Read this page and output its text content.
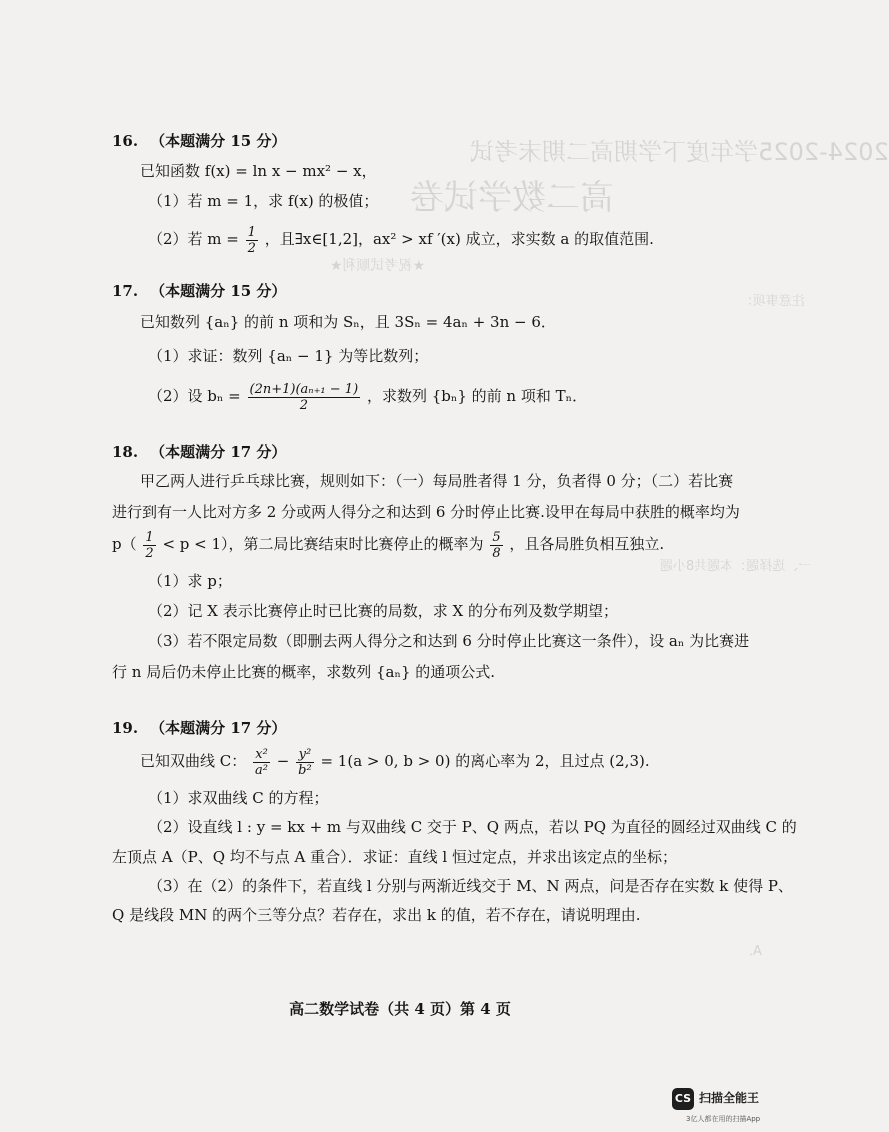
2024-2025学年度下学期高二期末考试
高二数学试卷
★祝考试顺利★
注意事项：
一、选择题：本题共8小题
A．
16. （本题满分 15 分）
已知函数 f(x) = ln x − mx² − x，
（1）若 m = 1，求 f(x) 的极值；
（2）若 $m = \frac{1}{2}$ ，且∃x∈[1,2]，ax² > xf ′(x) 成立，求实数 a 的取值范围.
17. （本题满分 15 分）
已知数列 {aₙ} 的前 n 项和为 Sₙ，且 3Sₙ = 4aₙ + 3n − 6．
（1）求证：数列 {aₙ − 1} 为等比数列；
（2）设 $b_n = \frac{\text{(2n+1)(aₙ₊₁ − 1)}}{2}$ ，求数列 {bₙ} 的前 n 项和 Tₙ．
18. （本题满分 17 分）
甲乙两人进行乒乓球比赛，规则如下：（一）每局胜者得 1 分，负者得 0 分；（二）若比赛
进行到有一人比对方多 2 分或两人得分之和达到 6 分时停止比赛.设甲在每局中获胜的概率均为
$p( \frac{1}{2} < p < 1)$，第二局比赛结束时比赛停止的概率为 $\frac{5}{8}$ ，且各局胜负相互独立.
（1）求 p；
（2）记 X 表示比赛停止时已比赛的局数，求 X 的分布列及数学期望；
（3）若不限定局数（即删去两人得分之和达到 6 分时停止比赛这一条件），设 aₙ 为比赛进
行 n 局后仍未停止比赛的概率，求数列 {aₙ} 的通项公式.
19. （本题满分 17 分）
已知双曲线 C： $\frac{\text{x²}}{\text{a²}} - \frac{\text{y²}}{\text{b²}} = 1(a > 0$, b > 0) 的离心率为 2，且过点 (2,3).
（1）求双曲线 C 的方程；
（2）设直线 l : y = kx + m 与双曲线 C 交于 P、Q 两点，若以 PQ 为直径的圆经过双曲线 C 的
左顶点 A（P、Q 均不与点 A 重合）．求证：直线 l 恒过定点，并求出该定点的坐标；
（3）在（2）的条件下，若直线 l 分别与两渐近线交于 M、N 两点，问是否存在实数 k 使得 P、
Q 是线段 MN 的两个三等分点？若存在，求出 k 的值，若不存在，请说明理由.
高二数学试卷（共 4 页）第 4 页
CS 扫描全能王
3亿人都在用的扫描App
